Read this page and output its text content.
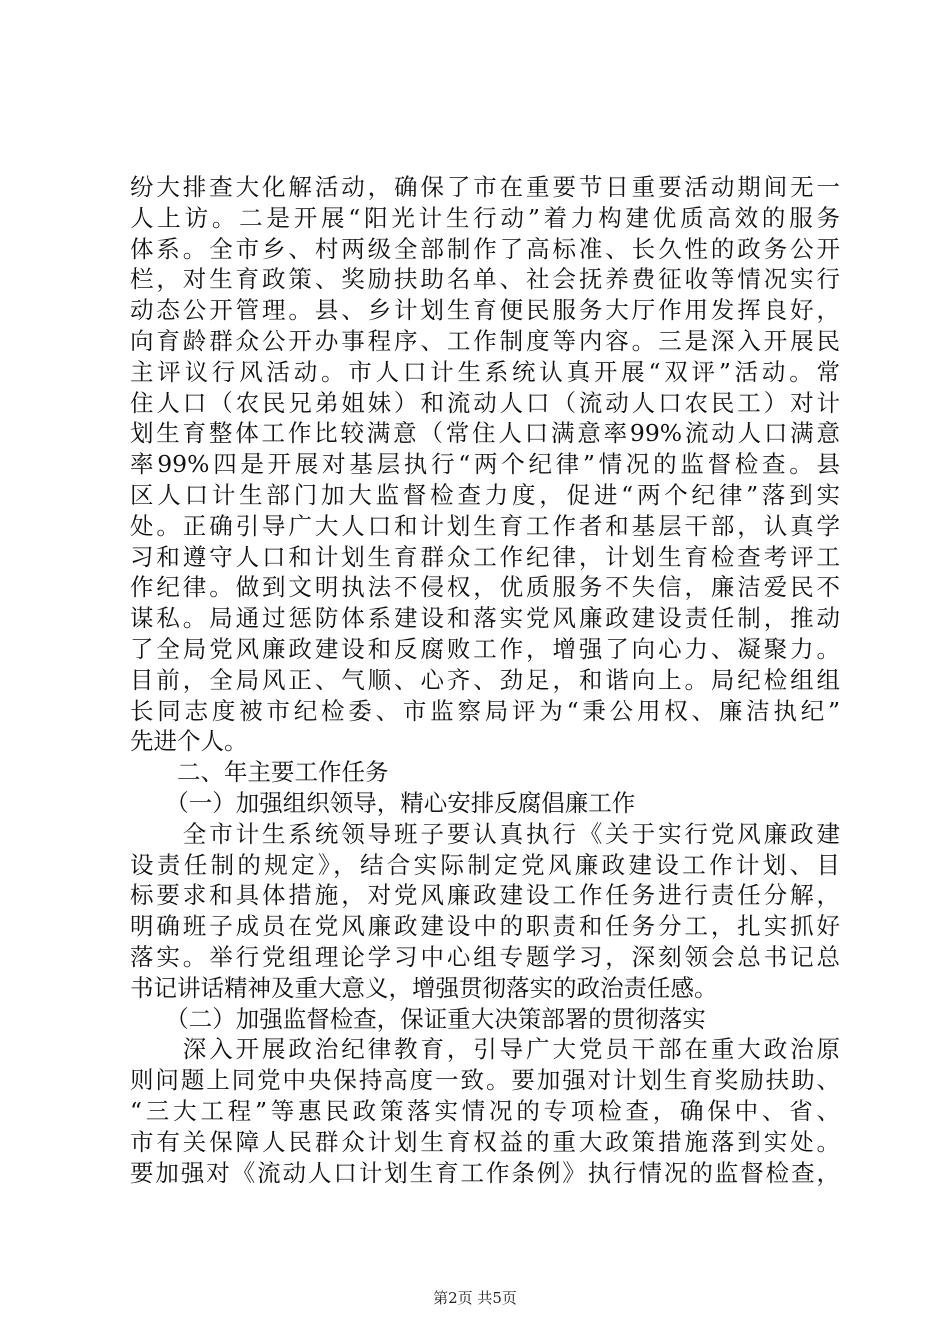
纷大排查大化解活动，确保了市在重要节日重要活动期间无一
人上访。二是开展“阳光计生行动”着力构建优质高效的服务
体系。全市乡、村两级全部制作了高标准、长久性的政务公开
栏，对生育政策、奖励扶助名单、社会抚养费征收等情况实行
动态公开管理。县、乡计划生育便民服务大厅作用发挥良好，
向育龄群众公开办事程序、工作制度等内容。三是深入开展民
主评议行风活动。市人口计生系统认真开展“双评”活动。常
住人口（农民兄弟姐妹）和流动人口（流动人口农民工）对计
划生育整体工作比较满意（常住人口满意率99%流动人口满意
率99%四是开展对基层执行“两个纪律”情况的监督检查。县
区人口计生部门加大监督检查力度，促进“两个纪律”落到实
处。正确引导广大人口和计划生育工作者和基层干部，认真学
习和遵守人口和计划生育群众工作纪律，计划生育检查考评工
作纪律。做到文明执法不侵权，优质服务不失信，廉洁爱民不
谋私。局通过惩防体系建设和落实党风廉政建设责任制，推动
了全局党风廉政建设和反腐败工作，增强了向心力、凝聚力。
目前，全局风正、气顺、心齐、劲足，和谐向上。局纪检组组
长同志度被市纪检委、市监察局评为“秉公用权、廉洁执纪”
先进个人。
　　二、年主要工作任务
　　（一）加强组织领导，精心安排反腐倡廉工作
　　全市计生系统领导班子要认真执行《关于实行党风廉政建
设责任制的规定》，结合实际制定党风廉政建设工作计划、目
标要求和具体措施，对党风廉政建设工作任务进行责任分解，
明确班子成员在党风廉政建设中的职责和任务分工，扎实抓好
落实。举行党组理论学习中心组专题学习，深刻领会总书记总
书记讲话精神及重大意义，增强贯彻落实的政治责任感。
　　（二）加强监督检查，保证重大决策部署的贯彻落实
　　深入开展政治纪律教育，引导广大党员干部在重大政治原
则问题上同党中央保持高度一致。要加强对计划生育奖励扶助、
“三大工程”等惠民政策落实情况的专项检查，确保中、省、
市有关保障人民群众计划生育权益的重大政策措施落到实处。
要加强对《流动人口计划生育工作条例》执行情况的监督检查，
第2页 共5页
